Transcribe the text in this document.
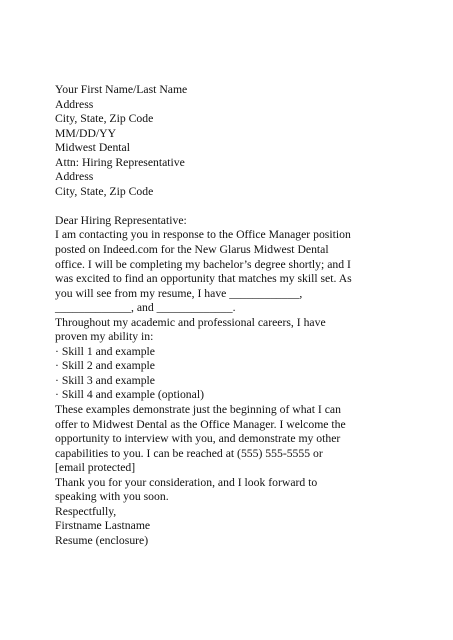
Your First Name/Last Name
Address
City, State, Zip Code
MM/DD/YY
Midwest Dental
Attn: Hiring Representative
Address
City, State, Zip Code
Dear Hiring Representative:
I am contacting you in response to the Office Manager position
posted on Indeed.com for the New Glarus Midwest Dental
office. I will be completing my bachelor’s degree shortly; and I
was excited to find an opportunity that matches my skill set. As
you will see from my resume, I have ____________,
_____________, and _____________.
Throughout my academic and professional careers, I have
proven my ability in:
· Skill 1 and example
· Skill 2 and example
· Skill 3 and example
· Skill 4 and example (optional)
These examples demonstrate just the beginning of what I can
offer to Midwest Dental as the Office Manager. I welcome the
opportunity to interview with you, and demonstrate my other
capabilities to you. I can be reached at (555) 555-5555 or
[email protected]
Thank you for your consideration, and I look forward to
speaking with you soon.
Respectfully,
Firstname Lastname
Resume (enclosure)
